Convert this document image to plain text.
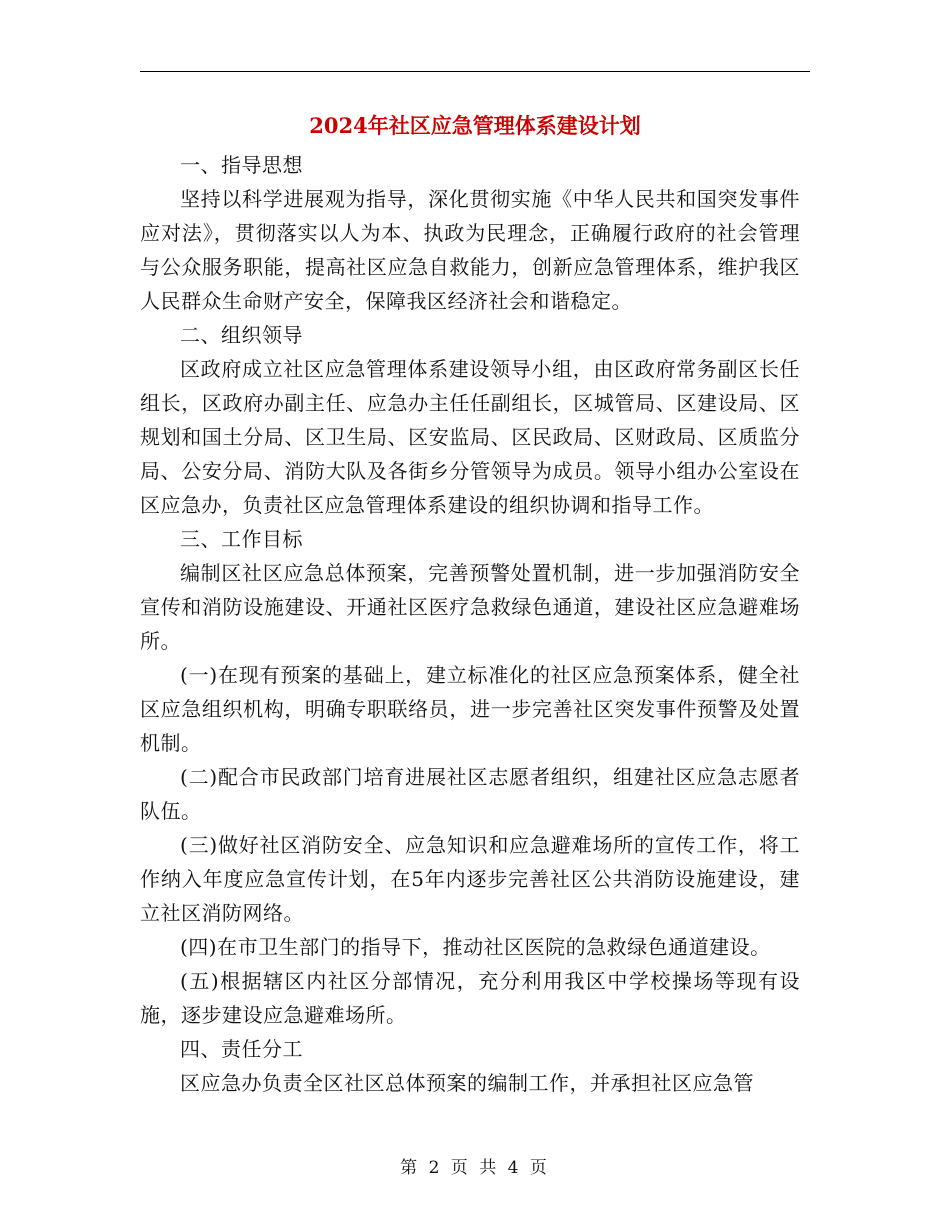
2024年社区应急管理体系建设计划

一、指导思想

坚持以科学进展观为指导，深化贯彻实施《中华人民共和国突发事件应对法》，贯彻落实以人为本、执政为民理念，正确履行政府的社会管理与公众服务职能，提高社区应急自救能力，创新应急管理体系，维护我区人民群众生命财产安全，保障我区经济社会和谐稳定。

二、组织领导

区政府成立社区应急管理体系建设领导小组，由区政府常务副区长任组长，区政府办副主任、应急办主任任副组长，区城管局、区建设局、区规划和国土分局、区卫生局、区安监局、区民政局、区财政局、区质监分局、公安分局、消防大队及各街乡分管领导为成员。领导小组办公室设在区应急办，负责社区应急管理体系建设的组织协调和指导工作。

三、工作目标

编制区社区应急总体预案，完善预警处置机制，进一步加强消防安全宣传和消防设施建设、开通社区医疗急救绿色通道，建设社区应急避难场所。

(一)在现有预案的基础上，建立标准化的社区应急预案体系，健全社区应急组织机构，明确专职联络员，进一步完善社区突发事件预警及处置机制。

(二)配合市民政部门培育进展社区志愿者组织，组建社区应急志愿者队伍。

(三)做好社区消防安全、应急知识和应急避难场所的宣传工作，将工作纳入年度应急宣传计划，在5年内逐步完善社区公共消防设施建设，建立社区消防网络。

(四)在市卫生部门的指导下，推动社区医院的急救绿色通道建设。

(五)根据辖区内社区分部情况，充分利用我区中学校操场等现有设施，逐步建设应急避难场所。

四、责任分工

区应急办负责全区社区总体预案的编制工作，并承担社区应急管

第 2 页 共 4 页
